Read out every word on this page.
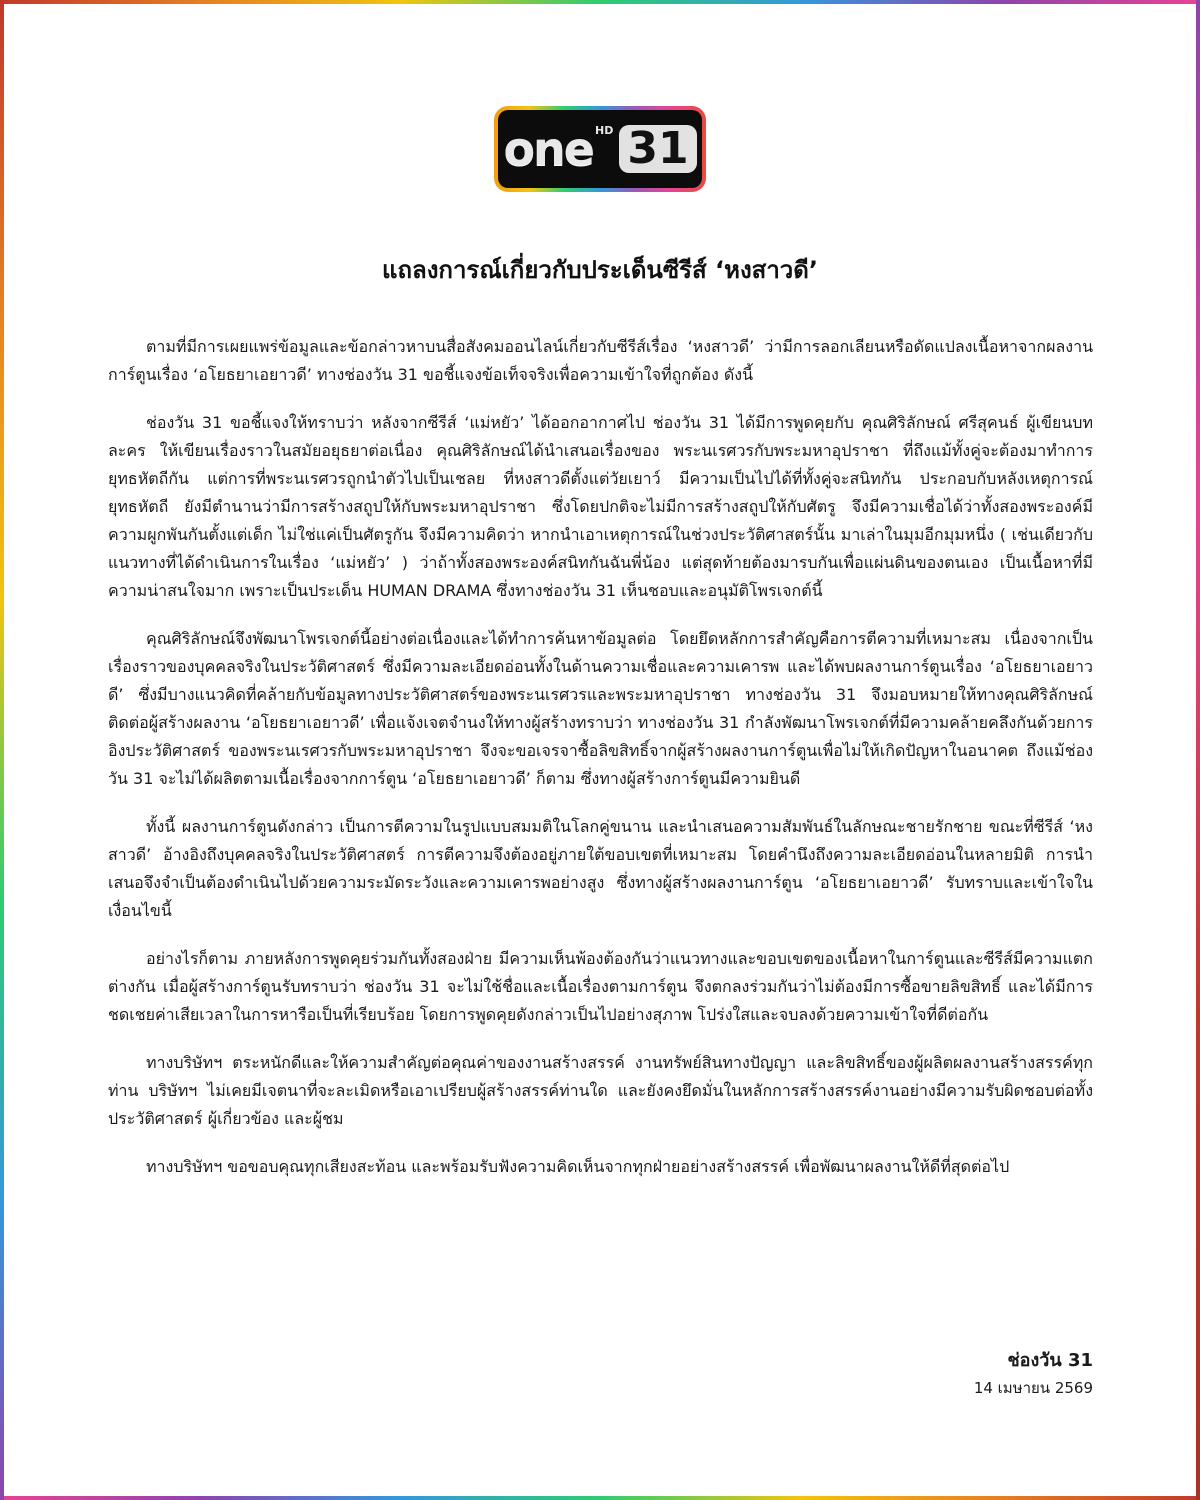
one HD 31
แถลงการณ์เกี่ยวกับประเด็นซีรีส์ ‘หงสาวดี’

ตามที่มีการเผยแพร่ข้อมูลและข้อกล่าวหาบนสื่อสังคมออนไลน์เกี่ยวกับซีรีส์เรื่อง ‘หงสาวดี’ ว่ามีการลอกเลียนหรือดัดแปลงเนื้อหาจากผลงานการ์ตูนเรื่อง ‘อโยธยาเอยาวดี’ ทางช่องวัน 31 ขอชี้แจงข้อเท็จจริงเพื่อความเข้าใจที่ถูกต้อง ดังนี้

ช่องวัน 31 ขอชี้แจงให้ทราบว่า หลังจากซีรีส์ ‘แม่หยัว’ ได้ออกอากาศไป ช่องวัน 31 ได้มีการพูดคุยกับ คุณศิริลักษณ์ ศรีสุคนธ์ ผู้เขียนบทละคร ให้เขียนเรื่องราวในสมัยอยุธยาต่อเนื่อง คุณศิริลักษณ์ได้นำเสนอเรื่องของ พระนเรศวรกับพระมหาอุปราชา ที่ถึงแม้ทั้งคู่จะต้องมาทำการยุทธหัตถีกัน แต่การที่พระนเรศวรถูกนำตัวไปเป็นเชลย ที่หงสาวดีตั้งแต่วัยเยาว์ มีความเป็นไปได้ที่ทั้งคู่จะสนิทกัน ประกอบกับหลังเหตุการณ์ยุทธหัตถี ยังมีตำนานว่ามีการสร้างสถูปให้กับพระมหาอุปราชา ซึ่งโดยปกติจะไม่มีการสร้างสถูปให้กับศัตรู จึงมีความเชื่อได้ว่าทั้งสองพระองค์มีความผูกพันกันตั้งแต่เด็ก ไม่ใช่แค่เป็นศัตรูกัน จึงมีความคิดว่า หากนำเอาเหตุการณ์ในช่วงประวัติศาสตร์นั้น มาเล่าในมุมอีกมุมหนึ่ง ( เช่นเดียวกับแนวทางที่ได้ดำเนินการในเรื่อง ‘แม่หยัว’ ) ว่าถ้าทั้งสองพระองค์สนิทกันฉันพี่น้อง แต่สุดท้ายต้องมารบกันเพื่อแผ่นดินของตนเอง เป็นเนื้อหาที่มีความน่าสนใจมาก เพราะเป็นประเด็น HUMAN DRAMA ซึ่งทางช่องวัน 31 เห็นชอบและอนุมัติโพรเจกต์นี้

คุณศิริลักษณ์จึงพัฒนาโพรเจกต์นี้อย่างต่อเนื่องและได้ทำการค้นหาข้อมูลต่อ โดยยึดหลักการสำคัญคือการตีความที่เหมาะสม เนื่องจากเป็นเรื่องราวของบุคคลจริงในประวัติศาสตร์ ซึ่งมีความละเอียดอ่อนทั้งในด้านความเชื่อและความเคารพ และได้พบผลงานการ์ตูนเรื่อง ‘อโยธยาเอยาวดี’ ซึ่งมีบางแนวคิดที่คล้ายกับข้อมูลทางประวัติศาสตร์ของพระนเรศวรและพระมหาอุปราชา ทางช่องวัน 31 จึงมอบหมายให้ทางคุณศิริลักษณ์ ติดต่อผู้สร้างผลงาน ‘อโยธยาเอยาวดี’ เพื่อแจ้งเจตจำนงให้ทางผู้สร้างทราบว่า ทางช่องวัน 31 กำลังพัฒนาโพรเจกต์ที่มีความคล้ายคลึงกันด้วยการอิงประวัติศาสตร์ ของพระนเรศวรกับพระมหาอุปราชา จึงจะขอเจรจาซื้อลิขสิทธิ์จากผู้สร้างผลงานการ์ตูนเพื่อไม่ให้เกิดปัญหาในอนาคต ถึงแม้ช่องวัน 31 จะไม่ได้ผลิตตามเนื้อเรื่องจากการ์ตูน ‘อโยธยาเอยาวดี’ ก็ตาม ซึ่งทางผู้สร้างการ์ตูนมีความยินดี

ทั้งนี้ ผลงานการ์ตูนดังกล่าว เป็นการตีความในรูปแบบสมมติในโลกคู่ขนาน และนำเสนอความสัมพันธ์ในลักษณะชายรักชาย ขณะที่ซีรีส์ ‘หงสาวดี’ อ้างอิงถึงบุคคลจริงในประวัติศาสตร์ การตีความจึงต้องอยู่ภายใต้ขอบเขตที่เหมาะสม โดยคำนึงถึงความละเอียดอ่อนในหลายมิติ การนำเสนอจึงจำเป็นต้องดำเนินไปด้วยความระมัดระวังและความเคารพอย่างสูง ซึ่งทางผู้สร้างผลงานการ์ตูน ‘อโยธยาเอยาวดี’ รับทราบและเข้าใจในเงื่อนไขนี้

อย่างไรก็ตาม ภายหลังการพูดคุยร่วมกันทั้งสองฝ่าย มีความเห็นพ้องต้องกันว่าแนวทางและขอบเขตของเนื้อหาในการ์ตูนและซีรีส์มีความแตกต่างกัน เมื่อผู้สร้างการ์ตูนรับทราบว่า ช่องวัน 31 จะไม่ใช้ชื่อและเนื้อเรื่องตามการ์ตูน จึงตกลงร่วมกันว่าไม่ต้องมีการซื้อขายลิขสิทธิ์ และได้มีการชดเชยค่าเสียเวลาในการหารือเป็นที่เรียบร้อย โดยการพูดคุยดังกล่าวเป็นไปอย่างสุภาพ โปร่งใสและจบลงด้วยความเข้าใจที่ดีต่อกัน

ทางบริษัทฯ ตระหนักดีและให้ความสำคัญต่อคุณค่าของงานสร้างสรรค์ งานทรัพย์สินทางปัญญา และลิขสิทธิ์ของผู้ผลิตผลงานสร้างสรรค์ทุกท่าน บริษัทฯ ไม่เคยมีเจตนาที่จะละเมิดหรือเอาเปรียบผู้สร้างสรรค์ท่านใด และยังคงยึดมั่นในหลักการสร้างสรรค์งานอย่างมีความรับผิดชอบต่อทั้งประวัติศาสตร์ ผู้เกี่ยวข้อง และผู้ชม

ทางบริษัทฯ ขอขอบคุณทุกเสียงสะท้อน และพร้อมรับฟังความคิดเห็นจากทุกฝ่ายอย่างสร้างสรรค์ เพื่อพัฒนาผลงานให้ดีที่สุดต่อไป

ช่องวัน 31
14 เมษายน 2569
